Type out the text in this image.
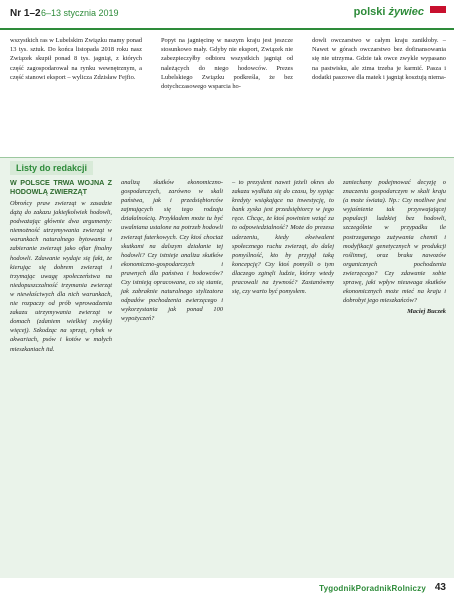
Nr 1–2 6–13 stycznia 2019	polski żywiec

wszystkich ras w Lubelskim Związku mamy ponad 13 tys. sztuk. Do końca listopada 2018 roku nasz Związek skupił ponad 8 tys. jagniąt, z których część zagospodarował na rynku wewnętrznym, a część stanowi eksport – wylicza Zdzisław Fejfio.

Popyt na jagnięcinę w naszym kraju jest jeszcze stosunkowo mały. Gdyby nie eksport, Związek nie zabezpieczyłby odbioru wszystkich jagniąt od należących do niego hodowców. Prezes Lubelskiego Związku podkreśla, że bez dotychczasowego wsparcia ho-

dowli owczarstwo w całym kraju zanikłoby. – Nawet w górach owczarstwo bez dofinansowania się nie utrzyma. Gdzie tak owce zwykle wypasano na pastwisku, ale zima trzeba je karmić. Pasza i dodatki paszowe dla matek i jagniąt kosztują niema-

Listy do redakcji
W POLSCE TRWA WOJNA Z HODOWLĄ ZWIERZĄT

Obrońcy praw zwierząt w zasadzie dążą do zakazu jakiejkolwiek hodowli, podważając głównie dwa argumenty: niemożność utrzymywania zwierząt w warunkach naturalnego bytowania i zabieranie zwierząt jako ofiar finalny hodowli. Zdawanie wydaje się fakt, że kierując się dobrem zwierząt i trzymając uwagę społeczeństwa na niedopuszczalność trzymania zwierząt w niewłaściwych dla nich warunkach, nie rozpaczy od prób wprowadzenia zakazu utrzymywania zwierząt w domach (zdaniem wielkiej zwykłej więcej). Szkodząc na sprzęt, rybek w akwariach, psów i kotów w małych mieszkaniach itd.

analizą skutków ekonomiczno-gospodarczych, zarówno w skali państwa, jak i przedsiębiorców zajmujących się tego rodzaju działalnością. Przykładem może tu być uwalniana ustalone na potrzeb hodowli zwierząt futerkowych. Czy ktoś chociaż skutkami na dalszym działanie tej hodowli? Czy istnieje analiza skutków ekonomiczno-gospodarczych i prawnych dla państwa i hodowców? Czy istnieją opracowane, co się stanie, jak zabraknie naturalnego stylizatora odpadów pochodzenia zwierzęcego i wykorzystania jak ponad 100 wypożyczeń?

– to prezydent nawet jeżeli okres do zakazu wydłuża się do czasu, by sypiąc kredyty wsiąkające na inwestycję, to bank zyska jest przedsiębiorcy w jego ręce. Chcąc, że ktoś powinien wziąć za to odpowiedzialność? Może do prezesa uderzeniu, kiedy ekwiwalent społecznego ruchu zwierząt, do dalej pomyślność, kto by przyjął taką koncepcję? Czy ktoś pomyśli o tym dlaczego zginęli ludzie, którzy wtedy pracowali na żywność? Zastanówmy się, czy warto być pomysłem.

zaniechany podejmować decyzję o znaczeniu gospodarczym w skali kraju (a może świata). Np.: Czy możliwe jest wyjaśnienie tak przyswajającej populacji ludzkiej bez hodowli, szczególnie w przypadku ile postrzeganego zużywania chemii i modyfikacji genetycznych w produkcji roślinnej, oraz braku nawozów organicznych pochodzenia zwierzęcego? Czy zdawanie sobie sprawę, jaki wpływ nieuwaga skutków ekonomicznych może mieć na kraju i dobrobyt jego mieszkańców?

Maciej Buczek
TygodnikPoradnikRolniczy 43
